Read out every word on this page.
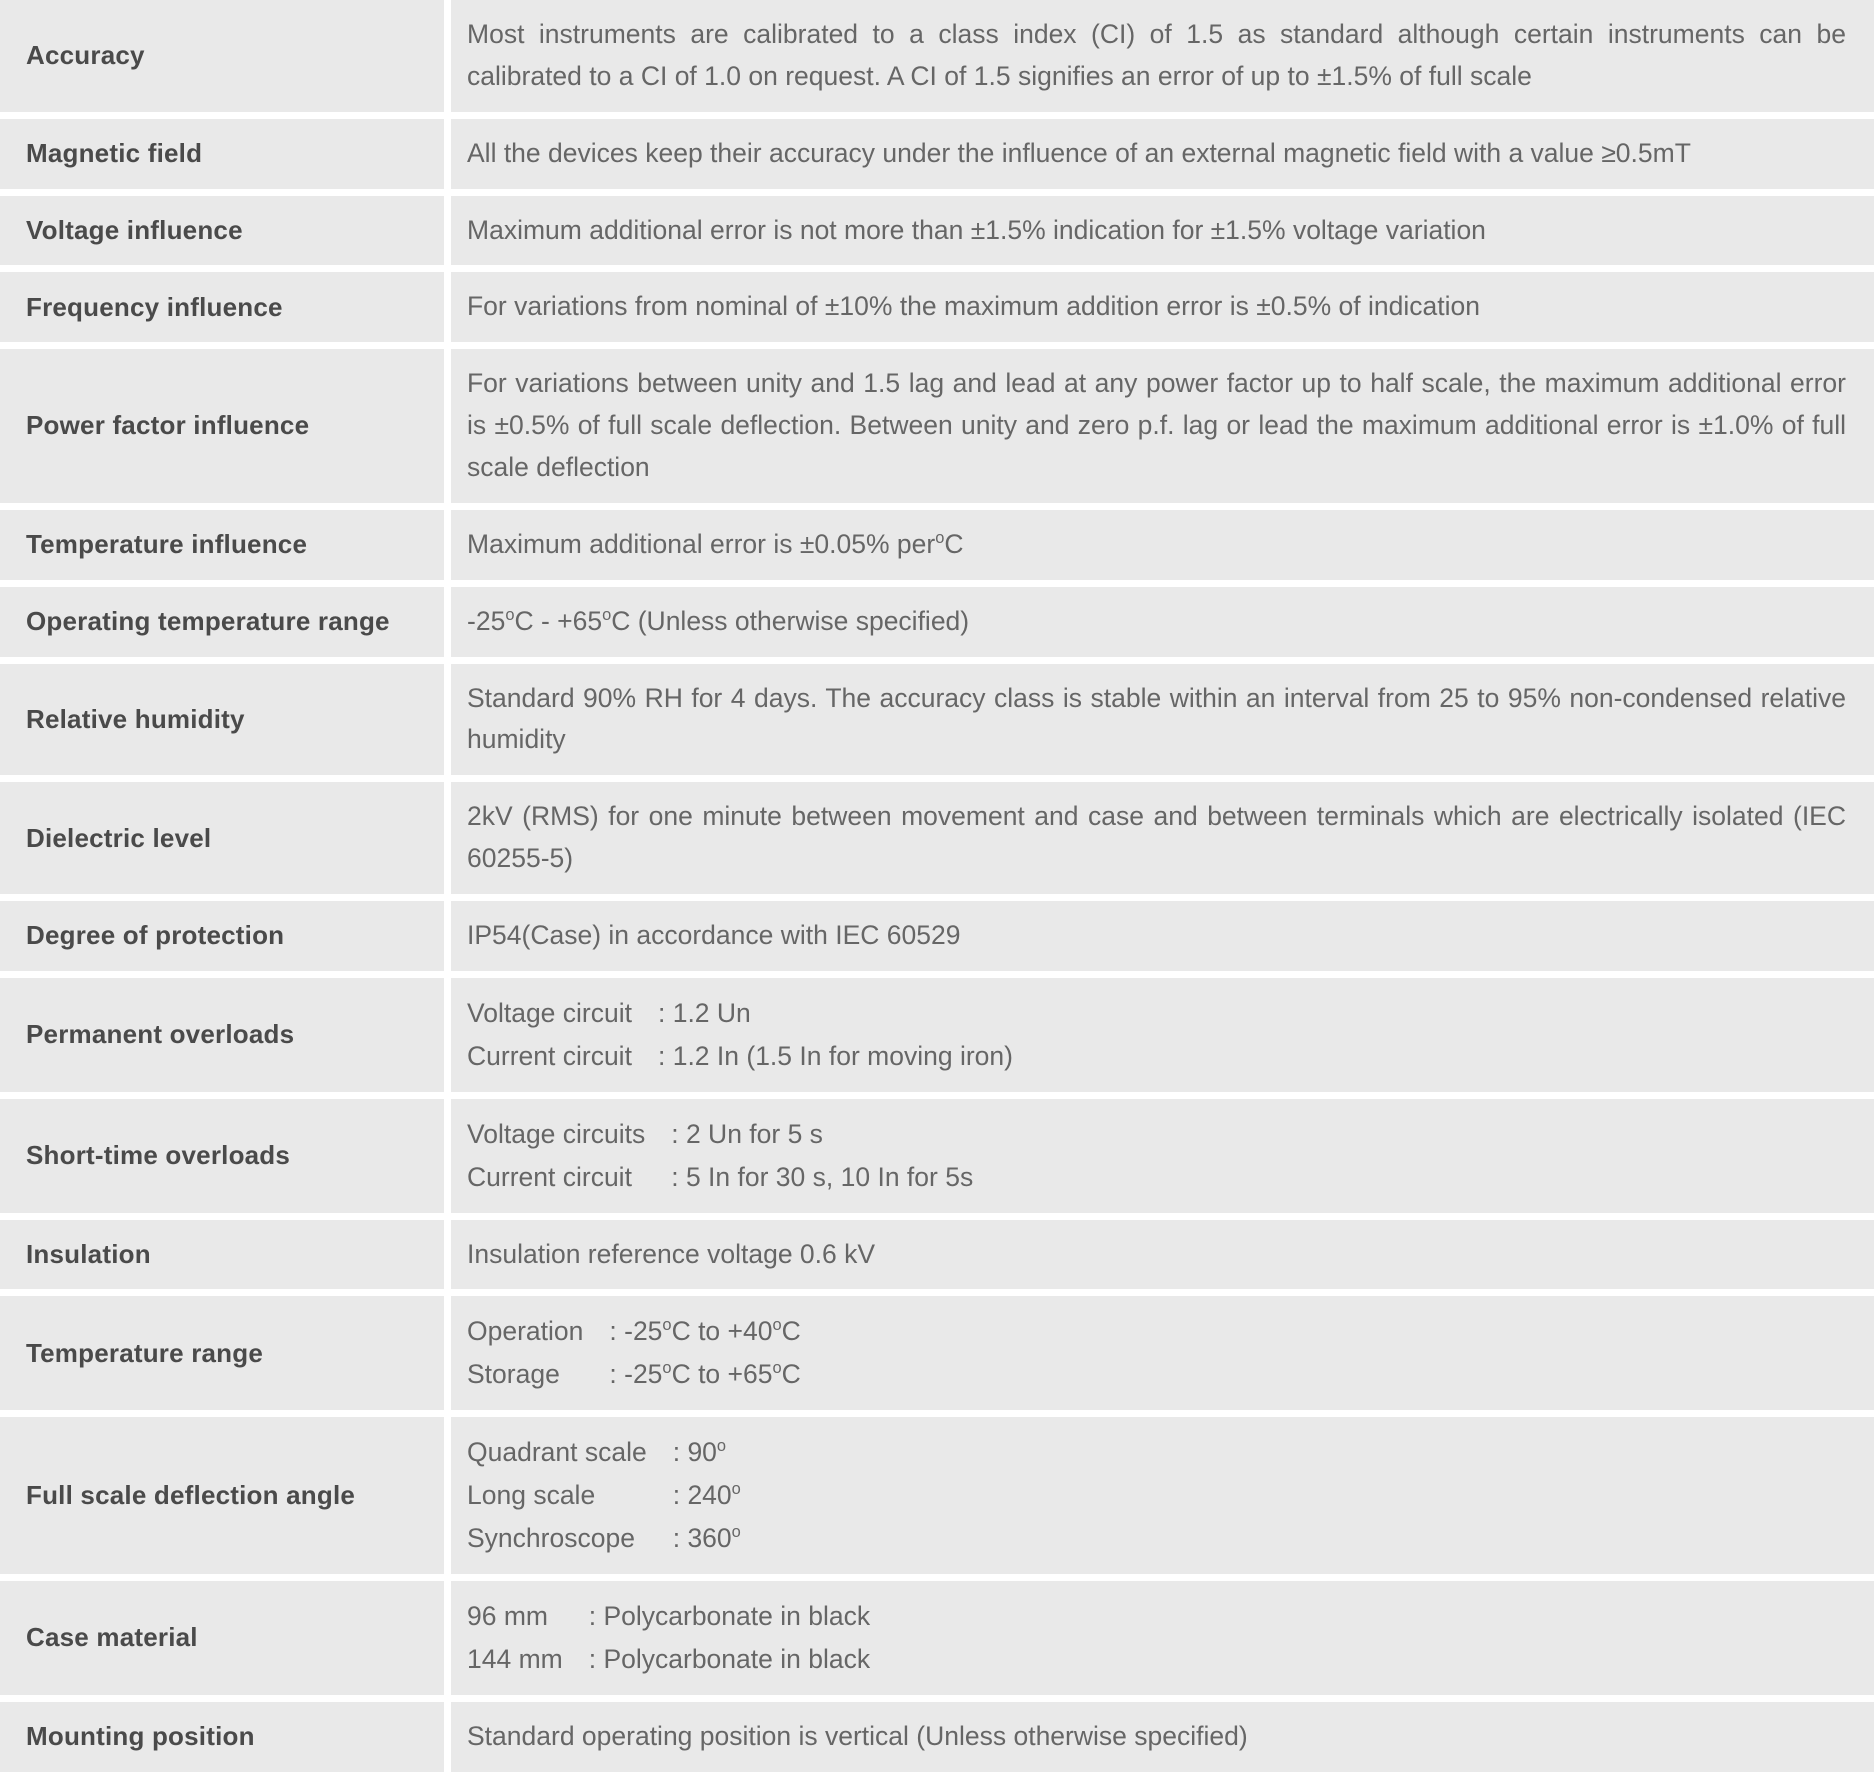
Accuracy	Most instruments are calibrated to a class index (CI) of 1.5 as standard although certain instruments can be calibrated to a CI of 1.0 on request. A CI of 1.5 signifies an error of up to ±1.5% of full scale

Magnetic field	All the devices keep their accuracy under the influence of an external magnetic field with a value ≥0.5mT

Voltage influence	Maximum additional error is not more than ±1.5% indication for ±1.5% voltage variation

Frequency influence	For variations from nominal of ±10% the maximum addition error is ±0.5% of indication

Power factor influence	For variations between unity and 1.5 lag and lead at any power factor up to half scale, the maximum additional error is ±0.5% of full scale deflection. Between unity and zero p.f. lag or lead the maximum additional error is ±1.0% of full scale deflection

Temperature influence	Maximum additional error is ±0.05% per$^o$C

Operating temperature range	$-25^oC - +65^oC$ (Unless otherwise specified)

Relative humidity	Standard 90% RH for 4 days. The accuracy class is stable within an interval from 25 to 95% non-condensed relative humidity

Dielectric level	2kV (RMS) for one minute between movement and case and between terminals which are electrically isolated (IEC 60255-5)

Degree of protection	IP54(Case) in accordance with IEC 60529

Permanent overloads	Voltage circuit	: 1.2 Un
Current circuit	: 1.2 In (1.5 In for moving iron)

Short-time overloads	Voltage circuits	: 2 Un for 5 s
Current circuit	: 5 In for 30 s, 10 In for 5s

Insulation	Insulation reference voltage 0.6 kV

Temperature range	Operation	: -25$^o$C to $+40^oC$
Storage	: -25$^o$C to $+65^oC$

Full scale deflection angle	Quadrant scale	: 90$^o$
Long scale	: 240$^o$
Synchroscope	: 360$^o$

Case material	96 mm	: Polycarbonate in black
144 mm	: Polycarbonate in black

Mounting position	Standard operating position is vertical (Unless otherwise specified)
